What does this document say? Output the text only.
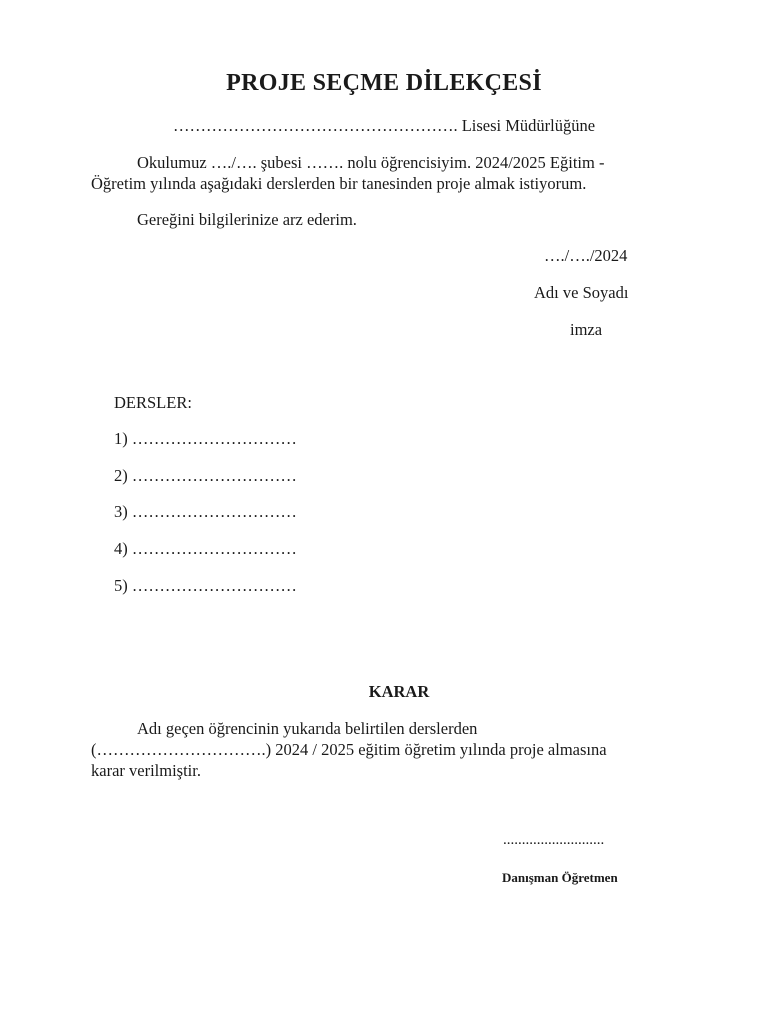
PROJE SEÇME DİLEKÇESİ
……………………………………………. Lisesi Müdürlüğüne
Okulumuz …./…. şubesi ……. nolu öğrencisiyim. 2024/2025 Eğitim -
Öğretim yılında aşağıdaki derslerden bir tanesinden proje almak istiyorum.
Gereğini bilgilerinize arz ederim.
…./…./2024
Adı ve Soyadı
imza
DERSLER:
1) …………………………
2) …………………………
3) …………………………
4) …………………………
5) …………………………
KARAR
Adı geçen öğrencinin yukarıda belirtilen derslerden
(………………………….) 2024 / 2025 eğitim öğretim yılında proje almasına
karar verilmiştir.
...........................
Danışman Öğretmen
